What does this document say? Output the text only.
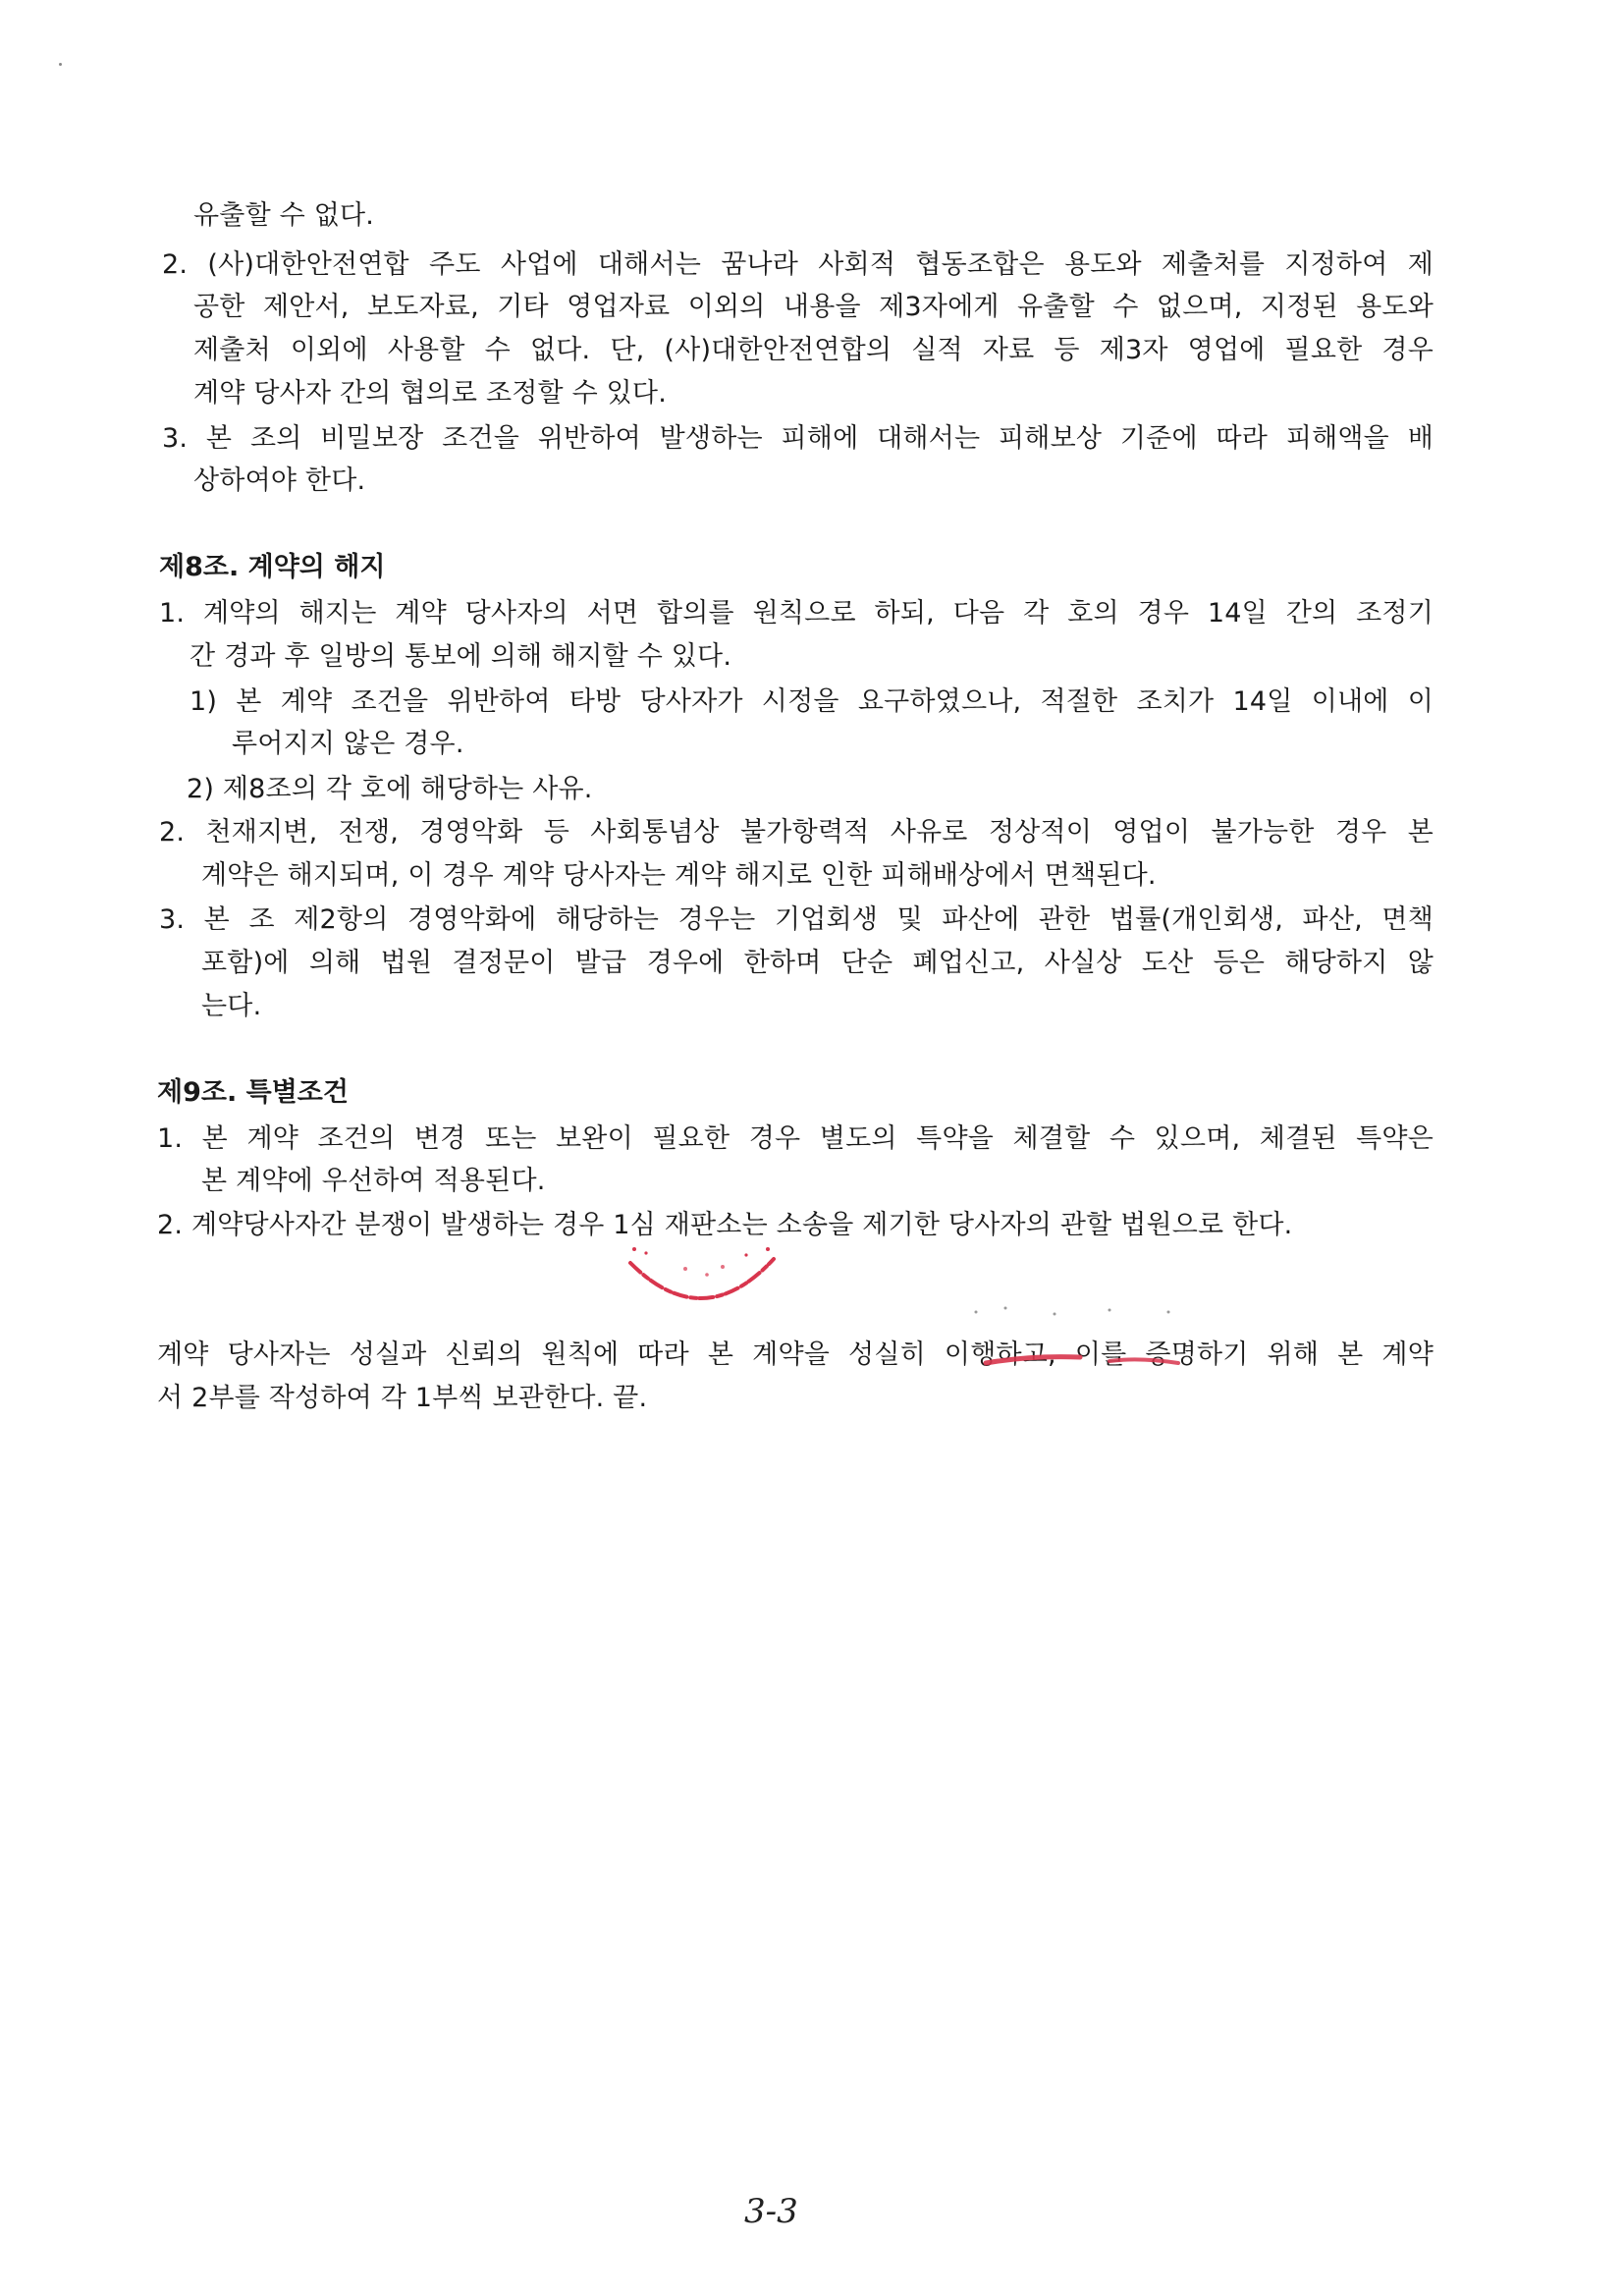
유출할 수 없다.
2. (사)대한안전연합 주도 사업에 대해서는 꿈나라 사회적 협동조합은 용도와 제출처를 지정하여 제
공한 제안서, 보도자료, 기타 영업자료 이외의 내용을 제3자에게 유출할 수 없으며, 지정된 용도와
제출처 이외에 사용할 수 없다. 단, (사)대한안전연합의 실적 자료 등 제3자 영업에 필요한 경우
계약 당사자 간의 협의로 조정할 수 있다.
3. 본 조의 비밀보장 조건을 위반하여 발생하는 피해에 대해서는 피해보상 기준에 따라 피해액을 배
상하여야 한다.
제8조. 계약의 해지
1. 계약의 해지는 계약 당사자의 서면 합의를 원칙으로 하되, 다음 각 호의 경우 14일 간의 조정기
간 경과 후 일방의 통보에 의해 해지할 수 있다.
1) 본 계약 조건을 위반하여 타방 당사자가 시정을 요구하였으나, 적절한 조치가 14일 이내에 이
루어지지 않은 경우.
2) 제8조의 각 호에 해당하는 사유.
2. 천재지변, 전쟁, 경영악화 등 사회통념상 불가항력적 사유로 정상적이 영업이 불가능한 경우 본
계약은 해지되며, 이 경우 계약 당사자는 계약 해지로 인한 피해배상에서 면책된다.
3. 본 조 제2항의 경영악화에 해당하는 경우는 기업회생 및 파산에 관한 법률(개인회생, 파산, 면책
포함)에 의해 법원 결정문이 발급 경우에 한하며 단순 폐업신고, 사실상 도산 등은 해당하지 않
는다.
제9조. 특별조건
1. 본 계약 조건의 변경 또는 보완이 필요한 경우 별도의 특약을 체결할 수 있으며, 체결된 특약은
본 계약에 우선하여 적용된다.
2. 계약당사자간 분쟁이 발생하는 경우 1심 재판소는 소송을 제기한 당사자의 관할 법원으로 한다.
계약 당사자는 성실과 신뢰의 원칙에 따라 본 계약을 성실히 이행하고, 이를 증명하기 위해 본 계약
서 2부를 작성하여 각 1부씩 보관한다. 끝.
3-3
